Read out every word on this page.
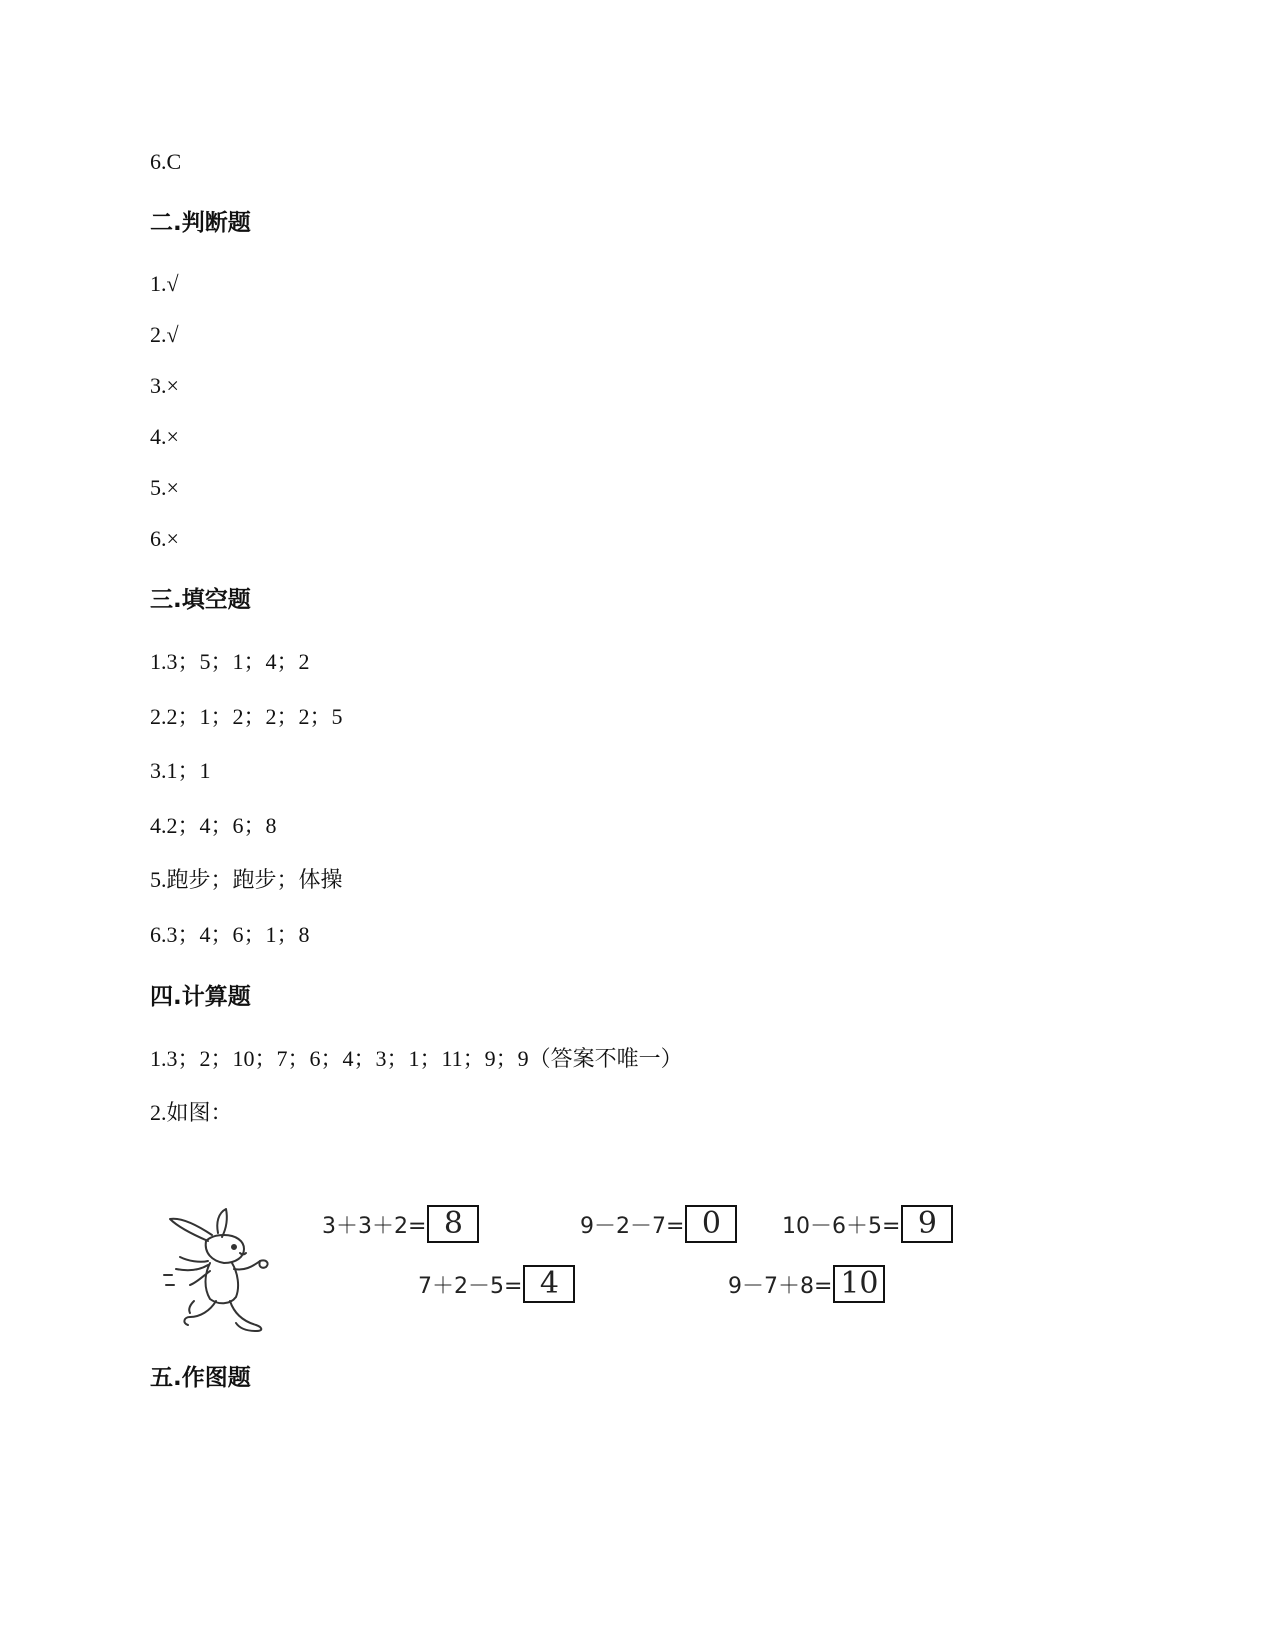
6.C
二.判断题
1.√
2.√
3.×
4.×
5.×
6.×
三.填空题
1.3；5；1；4；2
2.2；1；2；2；2；5
3.1；1
4.2；4；6；8
5.跑步；跑步；体操
6.3；4；6；1；8
四.计算题
1.3；2；10；7；6；4；3；1；11；9；9（答案不唯一）
2.如图：
3＋3＋2= 8	9－2－7= 0	10－6＋5= 9
7＋2－5= 4	9－7＋8= 10
五.作图题
